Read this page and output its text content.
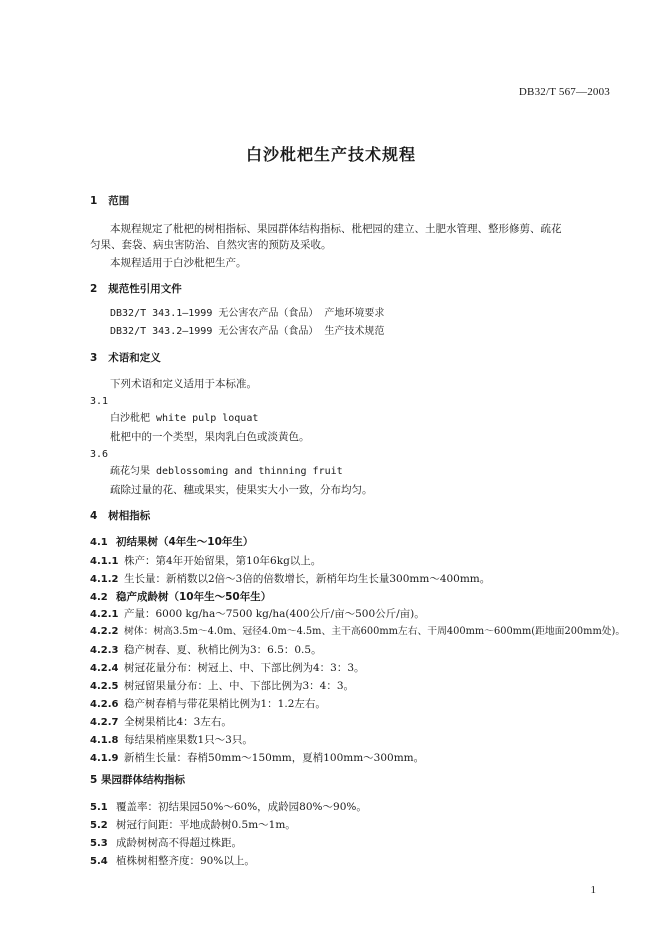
DB32/T 567—2003
白沙枇杷生产技术规程
1 范围
本规程规定了枇杷的树相指标、果园群体结构指标、枇杷园的建立、土肥水管理、整形修剪、疏花
匀果、套袋、病虫害防治、自然灾害的预防及采收。
本规程适用于白沙枇杷生产。
2 规范性引用文件
DB32/T 343.1—1999 无公害农产品（食品） 产地环境要求
DB32/T 343.2—1999 无公害农产品（食品） 生产技术规范
3 术语和定义
下列术语和定义适用于本标准。
3.1
白沙枇杷 white pulp loquat
枇杷中的一个类型，果肉乳白色或淡黄色。
3.6
疏花匀果 deblossoming and thinning fruit
疏除过量的花、穗或果实，使果实大小一致，分布均匀。
4 树相指标
4.1 初结果树（4年生～10年生）
4.1.1 株产：第4年开始留果，第10年6kg以上。
4.1.2 生长量：新梢数以2倍～3倍的倍数增长，新梢年均生长量300mm～400mm。
4.2 稳产成龄树（10年生～50年生）
4.2.1 产量：6000 kg/ha～7500 kg/ha(400公斤/亩～500公斤/亩)。
4.2.2 树体：树高3.5m～4.0m、冠径4.0m～4.5m、主干高600mm左右、干周400mm～600mm(距地面200mm处)。
4.2.3 稳产树春、夏、秋梢比例为3：6.5：0.5。
4.2.4 树冠花量分布：树冠上、中、下部比例为4：3：3。
4.2.5 树冠留果量分布：上、中、下部比例为3：4：3。
4.2.6 稳产树春梢与带花果梢比例为1：1.2左右。
4.2.7 全树果梢比4：3左右。
4.1.8 每结果梢座果数1只～3只。
4.1.9 新梢生长量：春梢50mm～150mm，夏梢100mm～300mm。
5 果园群体结构指标
5.1 覆盖率：初结果园50%～60%，成龄园80%～90%。
5.2 树冠行间距：平地成龄树0.5m～1m。
5.3 成龄树树高不得超过株距。
5.4 植株树相整齐度：90%以上。
1
